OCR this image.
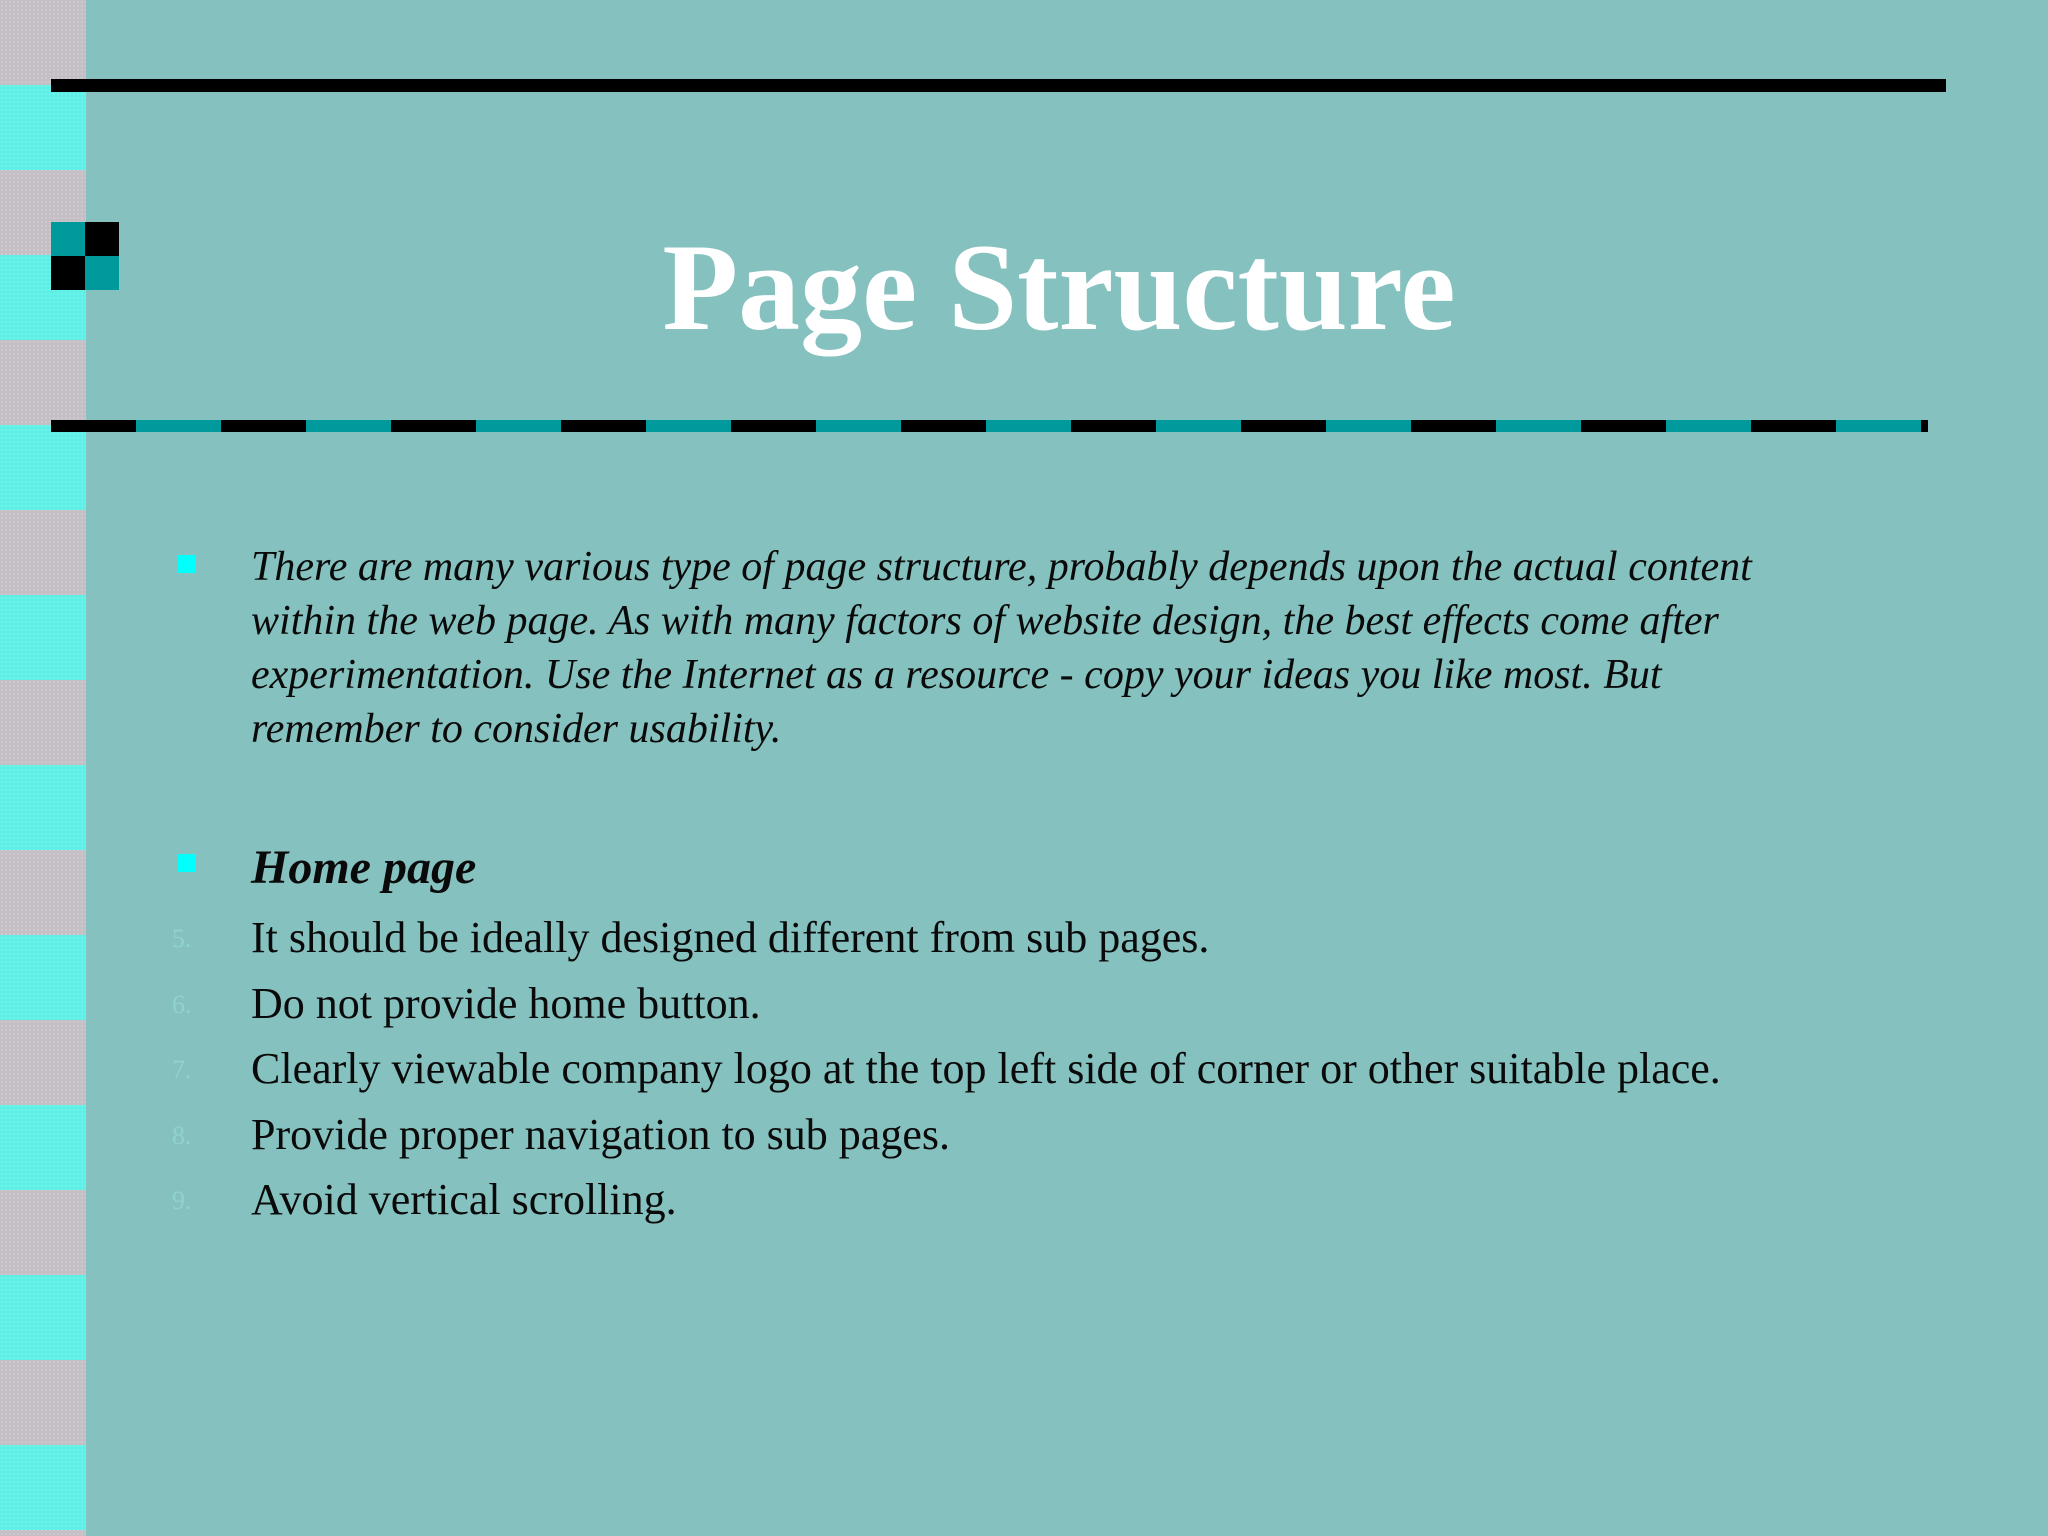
Page Structure

There are many various type of page structure, probably depends upon the actual content within the web page. As with many factors of website design, the best effects come after experimentation. Use the Internet as a resource - copy your ideas you like most. But remember to consider usability.

Home page

5. It should be ideally designed different from sub pages.
6. Do not provide home button.
7. Clearly viewable company logo at the top left side of corner or other suitable place.
8. Provide proper navigation to sub pages.
9. Avoid vertical scrolling.
